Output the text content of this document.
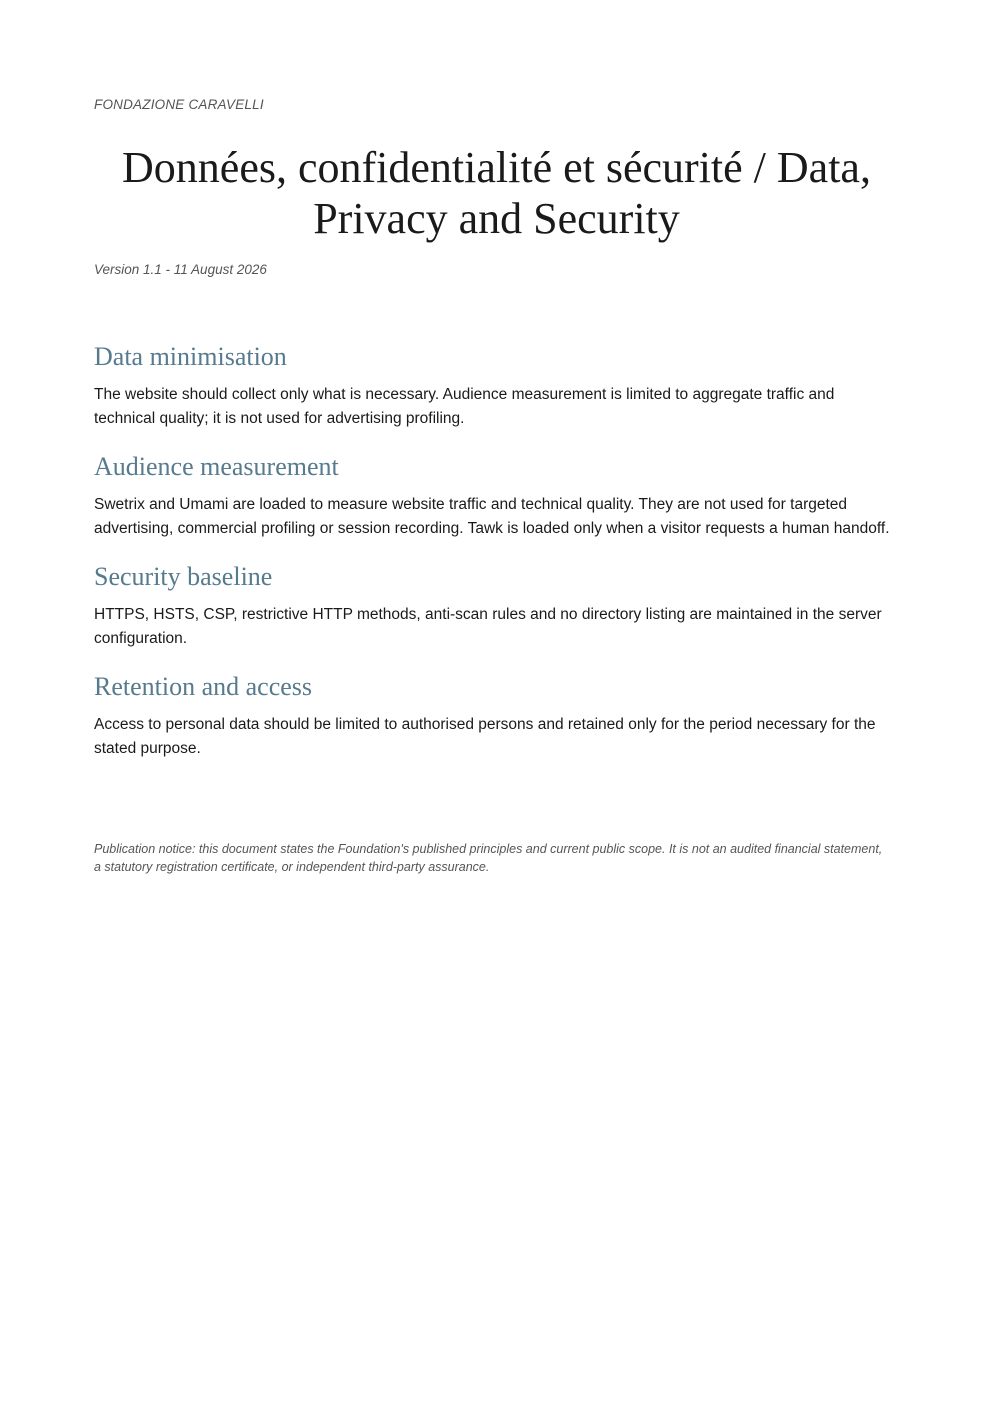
FONDAZIONE CARAVELLI

Données, confidentialité et sécurité / Data, Privacy and Security

Version 1.1 - 11 August 2026

Data minimisation

The website should collect only what is necessary. Audience measurement is limited to aggregate traffic and technical quality; it is not used for advertising profiling.

Audience measurement

Swetrix and Umami are loaded to measure website traffic and technical quality. They are not used for targeted advertising, commercial profiling or session recording. Tawk is loaded only when a visitor requests a human handoff.

Security baseline

HTTPS, HSTS, CSP, restrictive HTTP methods, anti-scan rules and no directory listing are maintained in the server configuration.

Retention and access

Access to personal data should be limited to authorised persons and retained only for the period necessary for the stated purpose.

Publication notice: this document states the Foundation's published principles and current public scope. It is not an audited financial statement, a statutory registration certificate, or independent third-party assurance.
